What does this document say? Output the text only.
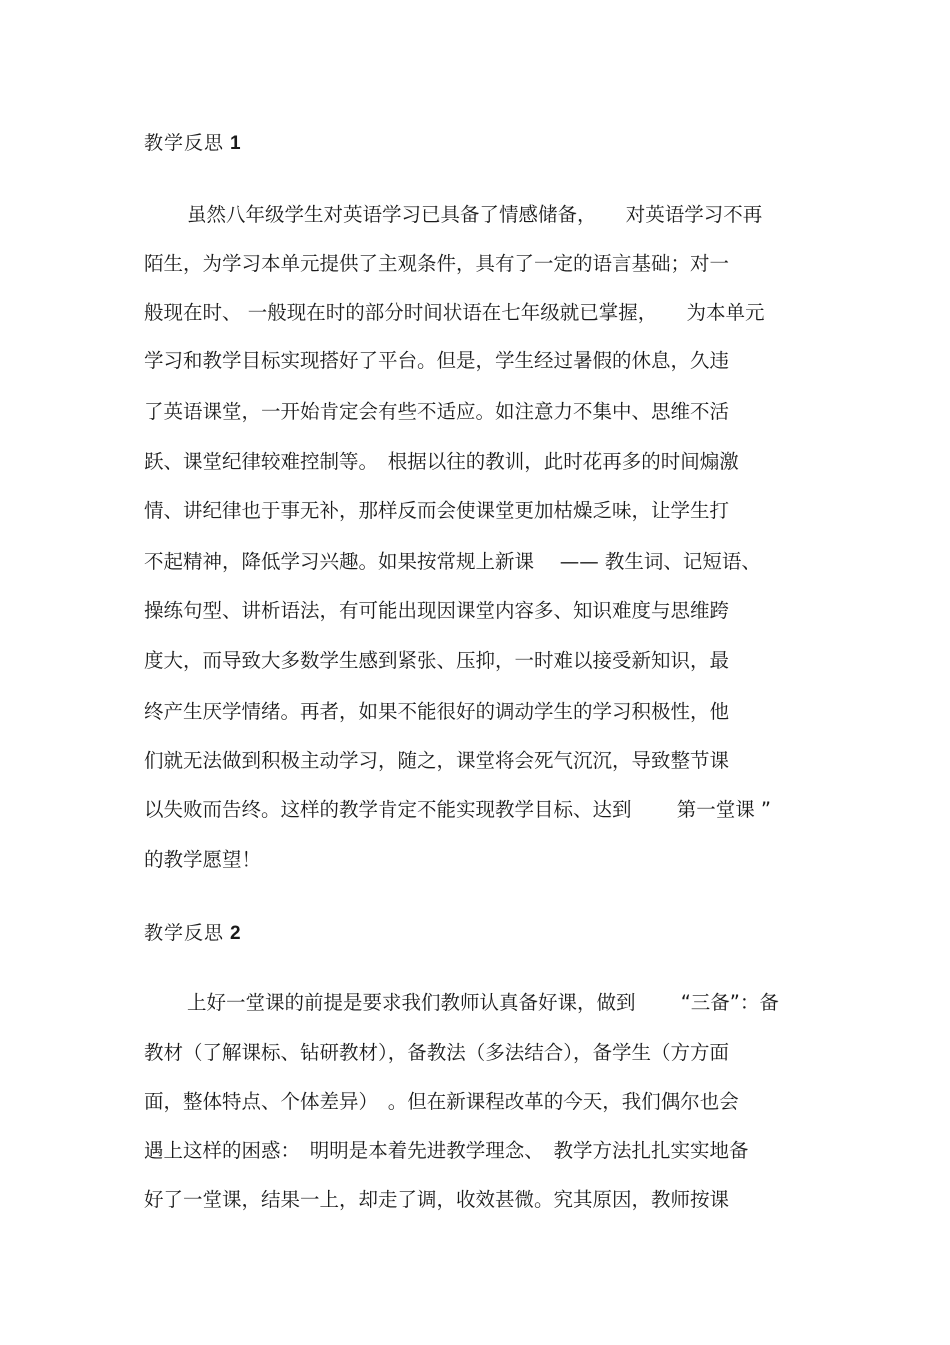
教学反思 1
虽然八年级学生对英语学习已具备了情感储备，　　对英语学习不再
陌生，为学习本单元提供了主观条件，具有了一定的语言基础；对一
般现在时、 一般现在时的部分时间状语在七年级就已掌握，　　为本单元
学习和教学目标实现搭好了平台。但是，学生经过暑假的休息，久违
了英语课堂，一开始肯定会有些不适应。如注意力不集中、思维不活
跃、课堂纪律较难控制等。　根据以往的教训，此时花再多的时间煽激
情、讲纪律也于事无补，那样反而会使课堂更加枯燥乏味，让学生打
不起精神，降低学习兴趣。如果按常规上新课　 —— 教生词、记短语、
操练句型、讲析语法，有可能出现因课堂内容多、知识难度与思维跨
度大，而导致大多数学生感到紧张、压抑，一时难以接受新知识，最
终产生厌学情绪。再者，如果不能很好的调动学生的学习积极性，他
们就无法做到积极主动学习，随之，课堂将会死气沉沉，导致整节课
以失败而告终。这样的教学肯定不能实现教学目标、达到　　 第一堂课 ”
的教学愿望！
教学反思 2
上好一堂课的前提是要求我们教师认真备好课，做到　　 “三备”：备
教材（了解课标、钻研教材），备教法（多法结合），备学生（方方面
面，整体特点、个体差异）　。但在新课程改革的今天，我们偶尔也会
遇上这样的困惑：　明明是本着先进教学理念、　教学方法扎扎实实地备
好了一堂课，结果一上，却走了调，收效甚微。究其原因，教师按课
